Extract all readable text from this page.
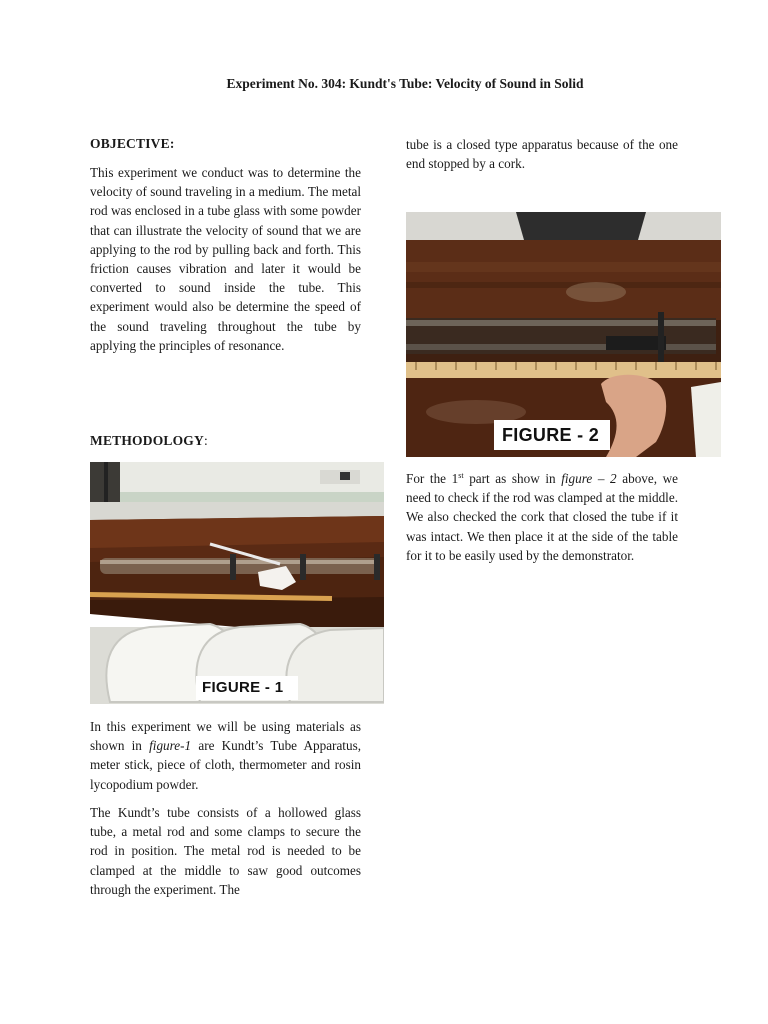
Experiment No. 304: Kundt's Tube: Velocity of Sound in Solid
OBJECTIVE:

This experiment we conduct was to determine the velocity of sound traveling in a medium. The metal rod was enclosed in a tube glass with some powder that can illustrate the velocity of sound that we are applying to the rod by pulling back and forth. This friction causes vibration and later it would be converted to sound inside the tube. This experiment would also be determine the speed of the sound traveling throughout the tube by applying the principles of resonance.

METHODOLOGY:
FIGURE - 1

In this experiment we will be using materials as shown in figure-1 are Kundt’s Tube Apparatus, meter stick, piece of cloth, thermometer and rosin lycopodium powder.

The Kundt’s tube consists of a hollowed glass tube, a metal rod and some clamps to secure the rod in position. The metal rod is needed to be clamped at the middle to saw good outcomes through the experiment. The

tube is a closed type apparatus because of the one end stopped by a cork.

FIGURE - 2

For the 1st part as show in figure – 2 above, we need to check if the rod was clamped at the middle. We also checked the cork that closed the tube if it was intact. We then place it at the side of the table for it to be easily used by the demonstrator.
